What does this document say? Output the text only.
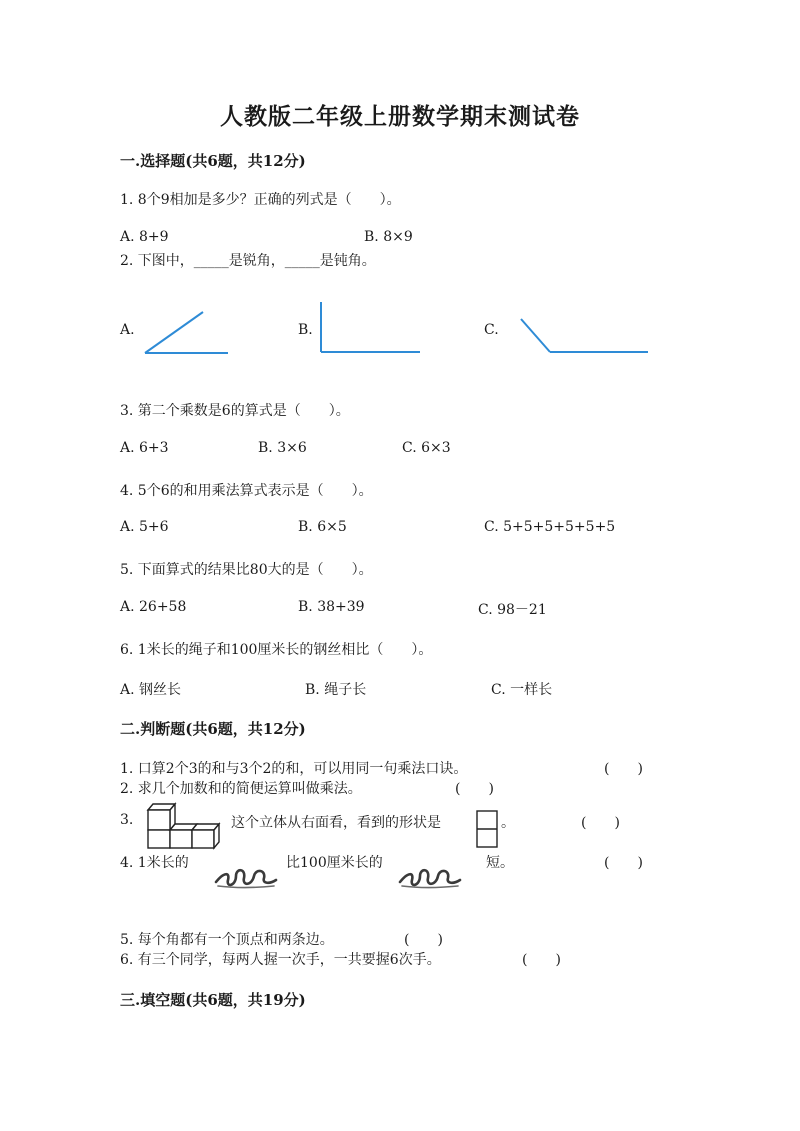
人教版二年级上册数学期末测试卷
一.选择题(共6题，共12分)
1. 8个9相加是多少？正确的列式是（　　）。
A. 8+9	B. 8×9
2. 下图中，_____是锐角，_____是钝角。
A.	B.	C.
3. 第二个乘数是6的算式是（　　）。
A. 6+3	B. 3×6	C. 6×3
4. 5个6的和用乘法算式表示是（　　）。
A. 5+6	B. 6×5	C. 5+5+5+5+5+5
5. 下面算式的结果比80大的是（　　）。
A. 26+58	B. 38+39	C. 98－21
6. 1米长的绳子和100厘米长的钢丝相比（　　）。
A. 钢丝长	B. 绳子长	C. 一样长
二.判断题(共6题，共12分)
1. 口算2个3的和与3个2的和，可以用同一句乘法口诀。	(　　)
2. 求几个加数和的简便运算叫做乘法。	(　　)
3.	这个立体从右面看，看到的形状是	。	(　　)
4. 1米长的	比100厘米长的	短。	(　　)
5. 每个角都有一个顶点和两条边。	(　　)
6. 有三个同学，每两人握一次手，一共要握6次手。	(　　)
三.填空题(共6题，共19分)
